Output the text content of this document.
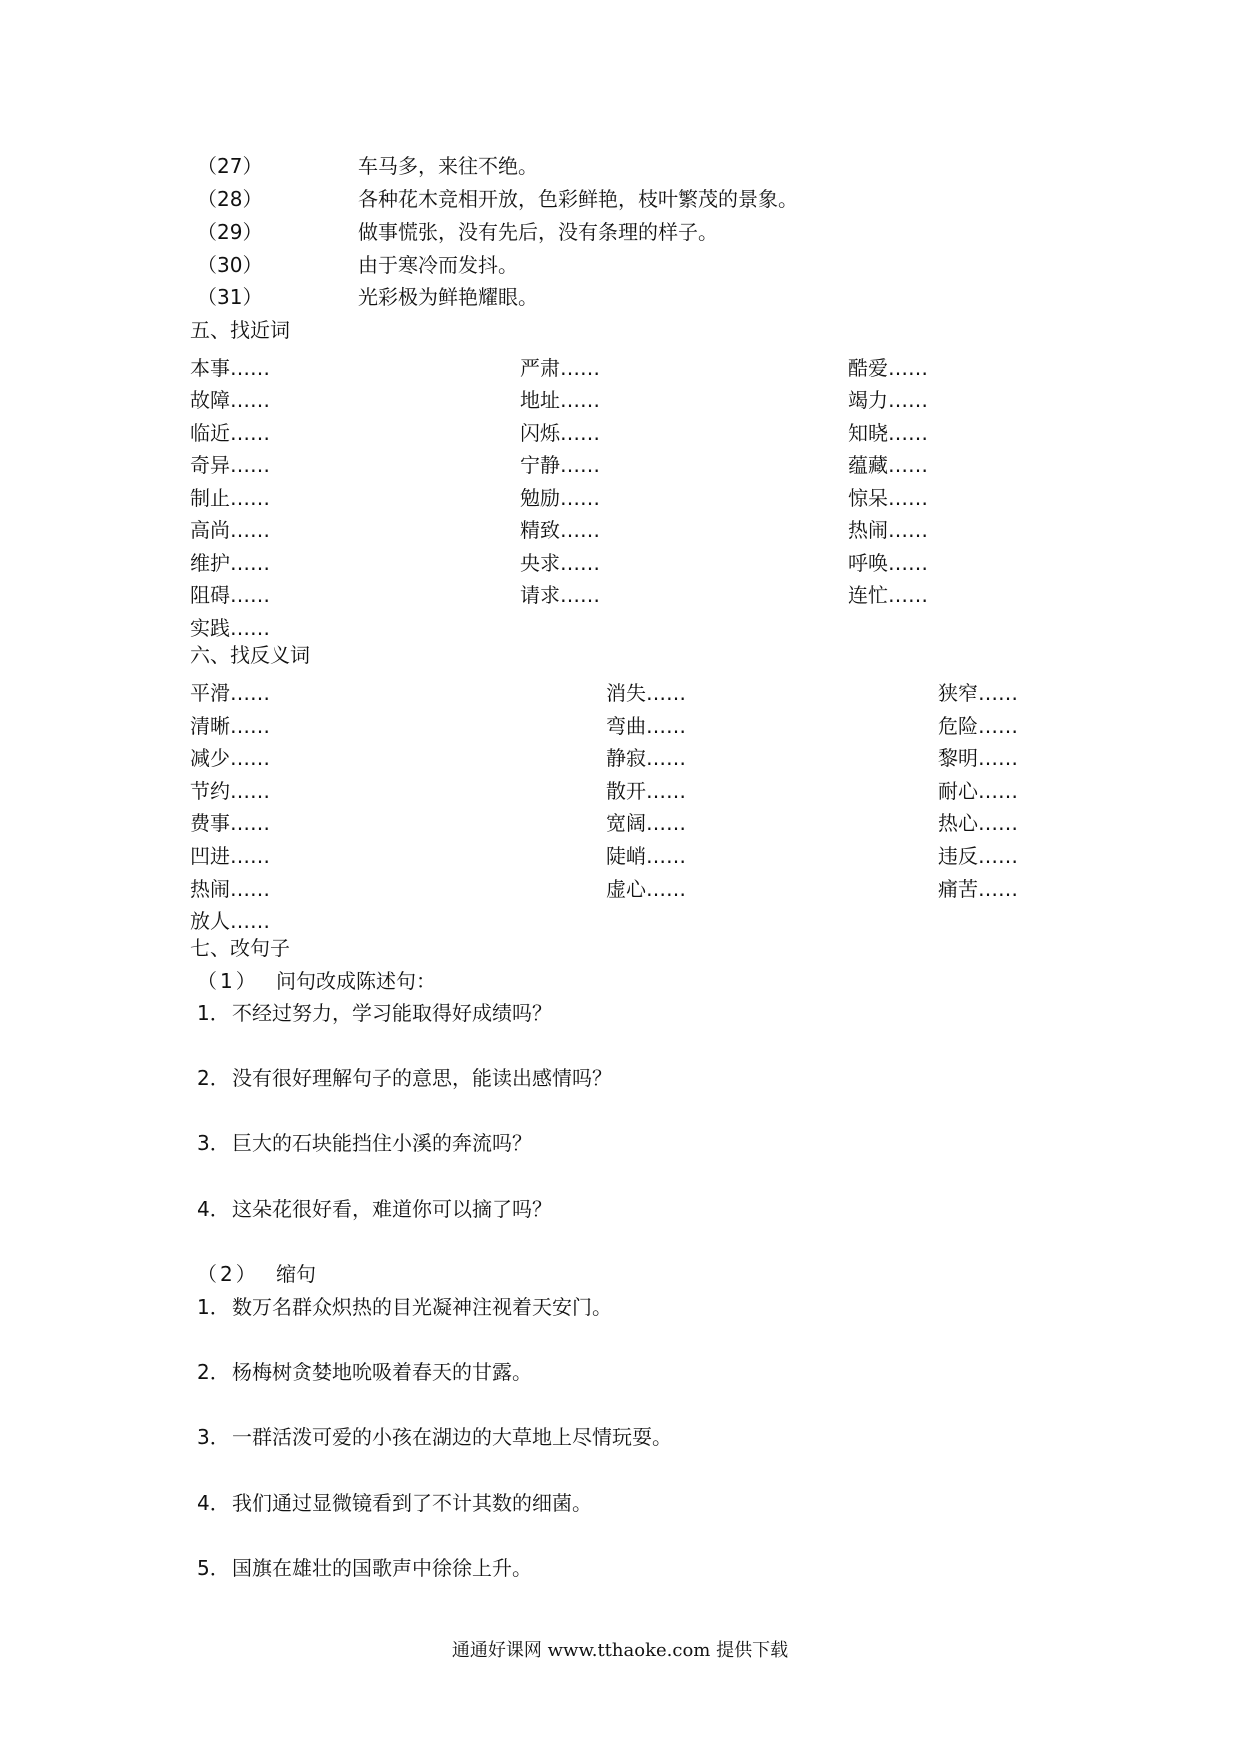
（27）	车马多，来往不绝。
（28）	各种花木竞相开放，色彩鲜艳，枝叶繁茂的景象。
（29）	做事慌张，没有先后，没有条理的样子。
（30）	由于寒冷而发抖。
（31）	光彩极为鲜艳耀眼。
五、找近词
本事……	严肃……	酷爱……
故障……	地址……	竭力……
临近……	闪烁……	知晓……
奇异……	宁静……	蕴藏……
制止……	勉励……	惊呆……
高尚……	精致……	热闹……
维护……	央求……	呼唤……
阻碍……	请求……	连忙……
实践……
六、找反义词
平滑……	消失……	狭窄……
清晰……	弯曲……	危险……
减少……	静寂……	黎明……
节约……	散开……	耐心……
费事……	宽阔……	热心……
凹进……	陡峭……	违反……
热闹……	虚心……	痛苦……
放人……
七、改句子
（1） 问句改成陈述句：
1． 不经过努力，学习能取得好成绩吗？
2． 没有很好理解句子的意思，能读出感情吗？
3． 巨大的石块能挡住小溪的奔流吗？
4． 这朵花很好看，难道你可以摘了吗？
（2） 缩句
1． 数万名群众炽热的目光凝神注视着天安门。
2． 杨梅树贪婪地吮吸着春天的甘露。
3． 一群活泼可爱的小孩在湖边的大草地上尽情玩耍。
4． 我们通过显微镜看到了不计其数的细菌。
5． 国旗在雄壮的国歌声中徐徐上升。
通通好课网 www.tthaoke.com 提供下载
